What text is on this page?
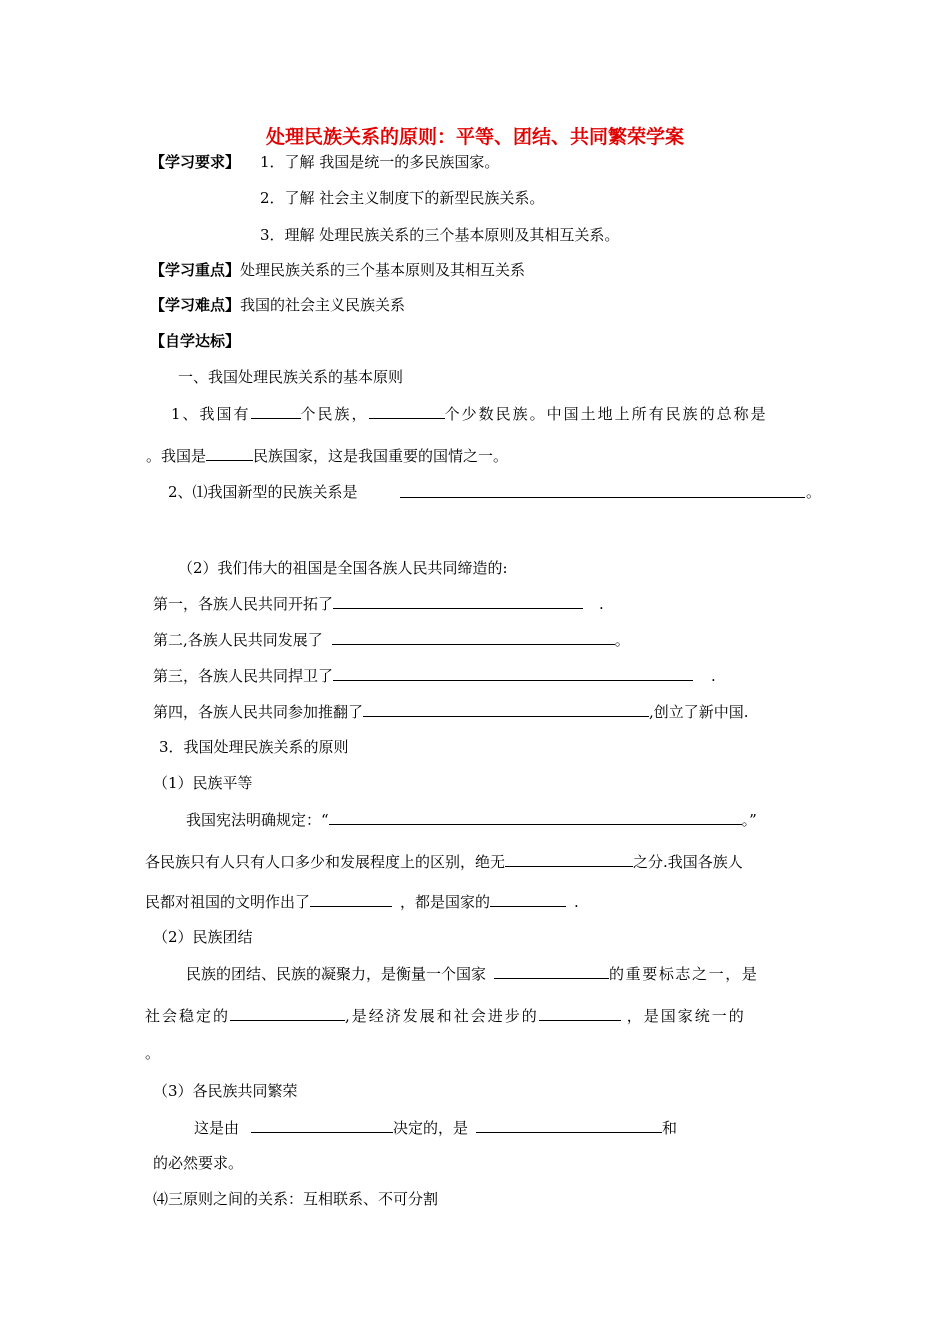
处理民族关系的原则：平等、团结、共同繁荣学案
【学习要求】 1．了解 我国是统一的多民族国家。
2．了解 社会主义制度下的新型民族关系。
3．理解 处理民族关系的三个基本原则及其相互关系。
【学习重点】处理民族关系的三个基本原则及其相互关系
【学习难点】我国的社会主义民族关系
【自学达标】
一、我国处理民族关系的基本原则
1、我国有	个民族，	个少数民族。中国土地上所有民族的总称是
。我国是	民族国家，这是我国重要的国情之一。
2、⑴我国新型的民族关系是	。
（2）我们伟大的祖国是全国各族人民共同缔造的:
第一，各族人民共同开拓了	.
第二,各族人民共同发展了	。
第三，各族人民共同捍卫了	.
第四，各族人民共同参加推翻了	,创立了新中国.
3．我国处理民族关系的原则
（1）民族平等
我国宪法明确规定：“	。”
各民族只有人只有人口多少和发展程度上的区别，绝无	之分.我国各族人
民都对祖国的文明作出了	，都是国家的	.
（2）民族团结
民族的团结、民族的凝聚力，是衡量一个国家	的重要标志之一，是
社会稳定的	,是经济发展和社会进步的	，是国家统一的
。
（3）各民族共同繁荣
这是由	决定的，是	和
的必然要求。
⑷三原则之间的关系：互相联系、不可分割
